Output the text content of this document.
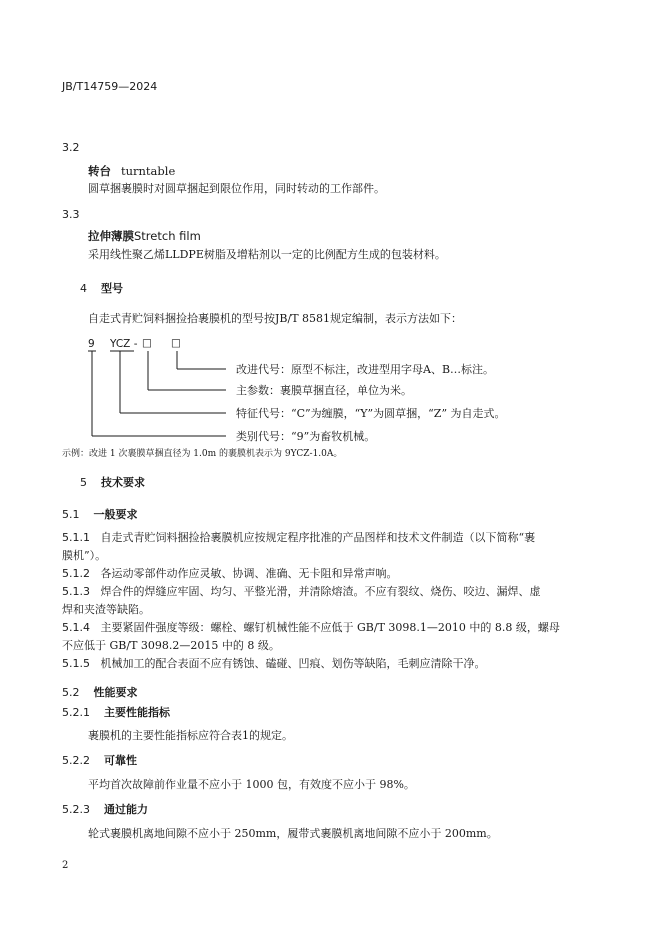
JB/T14759—2024
3.2
转台 turntable
圆草捆裹膜时对圆草捆起到限位作用，同时转动的工作部件。
3.3
拉伸薄膜Stretch film
采用线性聚乙烯LLDPE树脂及增粘剂以一定的比例配方生成的包装材料。
4 型号
自走式青贮饲料捆捡拾裹膜机的型号按JB/T 8581规定编制，表示方法如下：
9 YCZ - □ □
改进代号：原型不标注，改进型用字母A、B…标注。
主参数：裹膜草捆直径，单位为米。
特征代号：“C”为缠膜，“Y”为圆草捆，“Z” 为自走式。
类别代号：“9”为畜牧机械。
示例：改进 1 次裹膜草捆直径为 1.0m 的裹膜机表示为 9YCZ-1.0A。
5 技术要求
5.1 一般要求
5.1.1 自走式青贮饲料捆捡拾裹膜机应按规定程序批准的产品图样和技术文件制造（以下简称“裹
膜机”）。
5.1.2 各运动零部件动作应灵敏、协调、准确、无卡阻和异常声响。
5.1.3 焊合件的焊缝应牢固、均匀、平整光滑，并清除熔渣。不应有裂纹、烧伤、咬边、漏焊、虚
焊和夹渣等缺陷。
5.1.4 主要紧固件强度等级：螺栓、螺钉机械性能不应低于 GB/T 3098.1—2010 中的 8.8 级，螺母
不应低于 GB/T 3098.2—2015 中的 8 级。
5.1.5 机械加工的配合表面不应有锈蚀、磕碰、凹痕、划伤等缺陷，毛刺应清除干净。
5.2 性能要求
5.2.1 主要性能指标
裹膜机的主要性能指标应符合表1的规定。
5.2.2 可靠性
平均首次故障前作业量不应小于 1000 包，有效度不应小于 98%。
5.2.3 通过能力
轮式裹膜机离地间隙不应小于 250mm，履带式裹膜机离地间隙不应小于 200mm。
2
